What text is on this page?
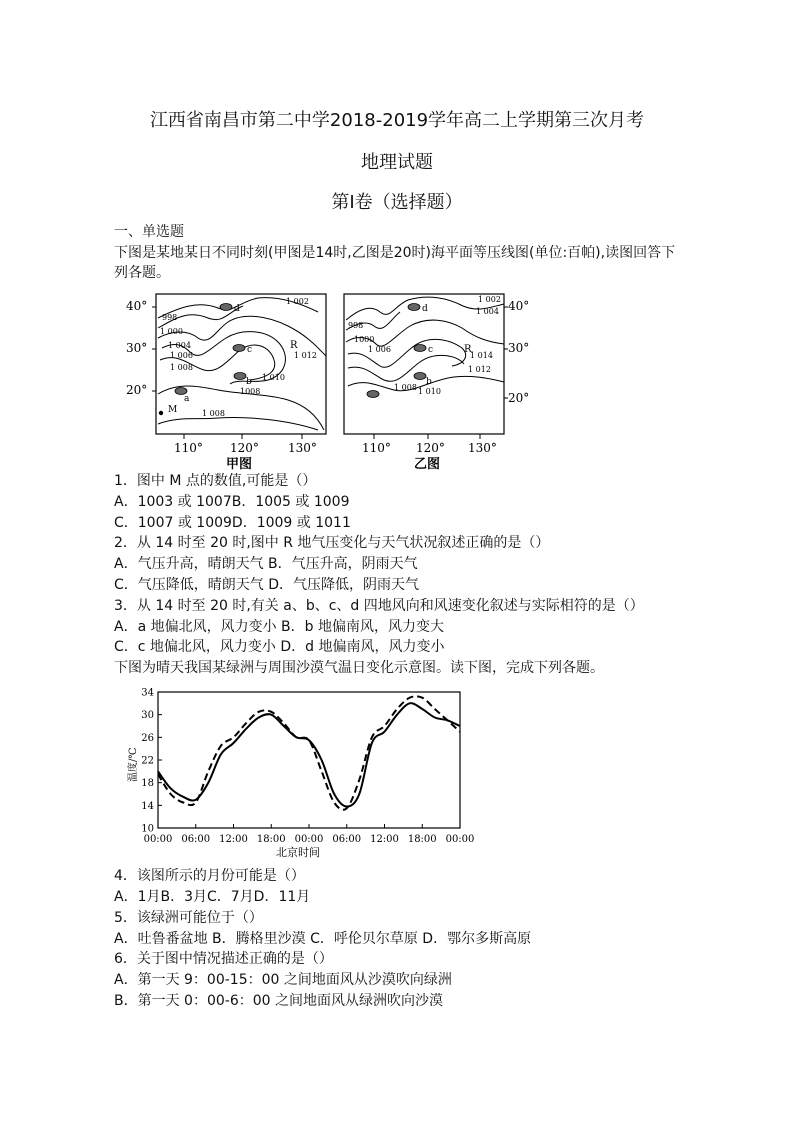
江西省南昌市第二中学2018-2019学年高二上学期第三次月考
地理试题
第Ⅰ卷（选择题）
一、单选题
下图是某地某日不同时刻(甲图是14时,乙图是20时)海平面等压线图(单位:百帕),读图回答下列各题。
40°
30°
20°
40°
30°
20°
110° 120° 130°	110° 120° 130°
甲图	乙图
1 002
998
1 000
1 004
1 006
1 008
1 010
1 012
1008
1 008
d
c
b
a
R
M
1 002
1 004
998
1000
1 006
1 008 1 010
1 012
1 014
d
c
b
R
1．图中 M 点的数值,可能是（）
A．1003 或 1007B．1005 或 1009
C．1007 或 1009D．1009 或 1011
2．从 14 时至 20 时,图中 R 地气压变化与天气状况叙述正确的是（）
A．气压升高，晴朗天气 B．气压升高，阴雨天气
C．气压降低，晴朗天气 D．气压降低，阴雨天气
3．从 14 时至 20 时,有关 a、b、c、d 四地风向和风速变化叙述与实际相符的是（）
A．a 地偏北风，风力变小 B．b 地偏南风，风力变大
C．c 地偏北风，风力变小 D．d 地偏南风，风力变小
下图为晴天我国某绿洲与周围沙漠气温日变化示意图。读下图，完成下列各题。
10
14
18
22
26
30
34
00:00 06:00 12:00 18:00 00:00 06:00 12:00 18:00 00:00
温度/℃
北京时间
4．该图所示的月份可能是（）
A．1月B．3月C．7月D．11月
5．该绿洲可能位于（）
A．吐鲁番盆地 B．腾格里沙漠 C．呼伦贝尔草原 D．鄂尔多斯高原
6．关于图中情况描述正确的是（）
A．第一天 9：00-15：00 之间地面风从沙漠吹向绿洲
B．第一天 0：00-6：00 之间地面风从绿洲吹向沙漠
